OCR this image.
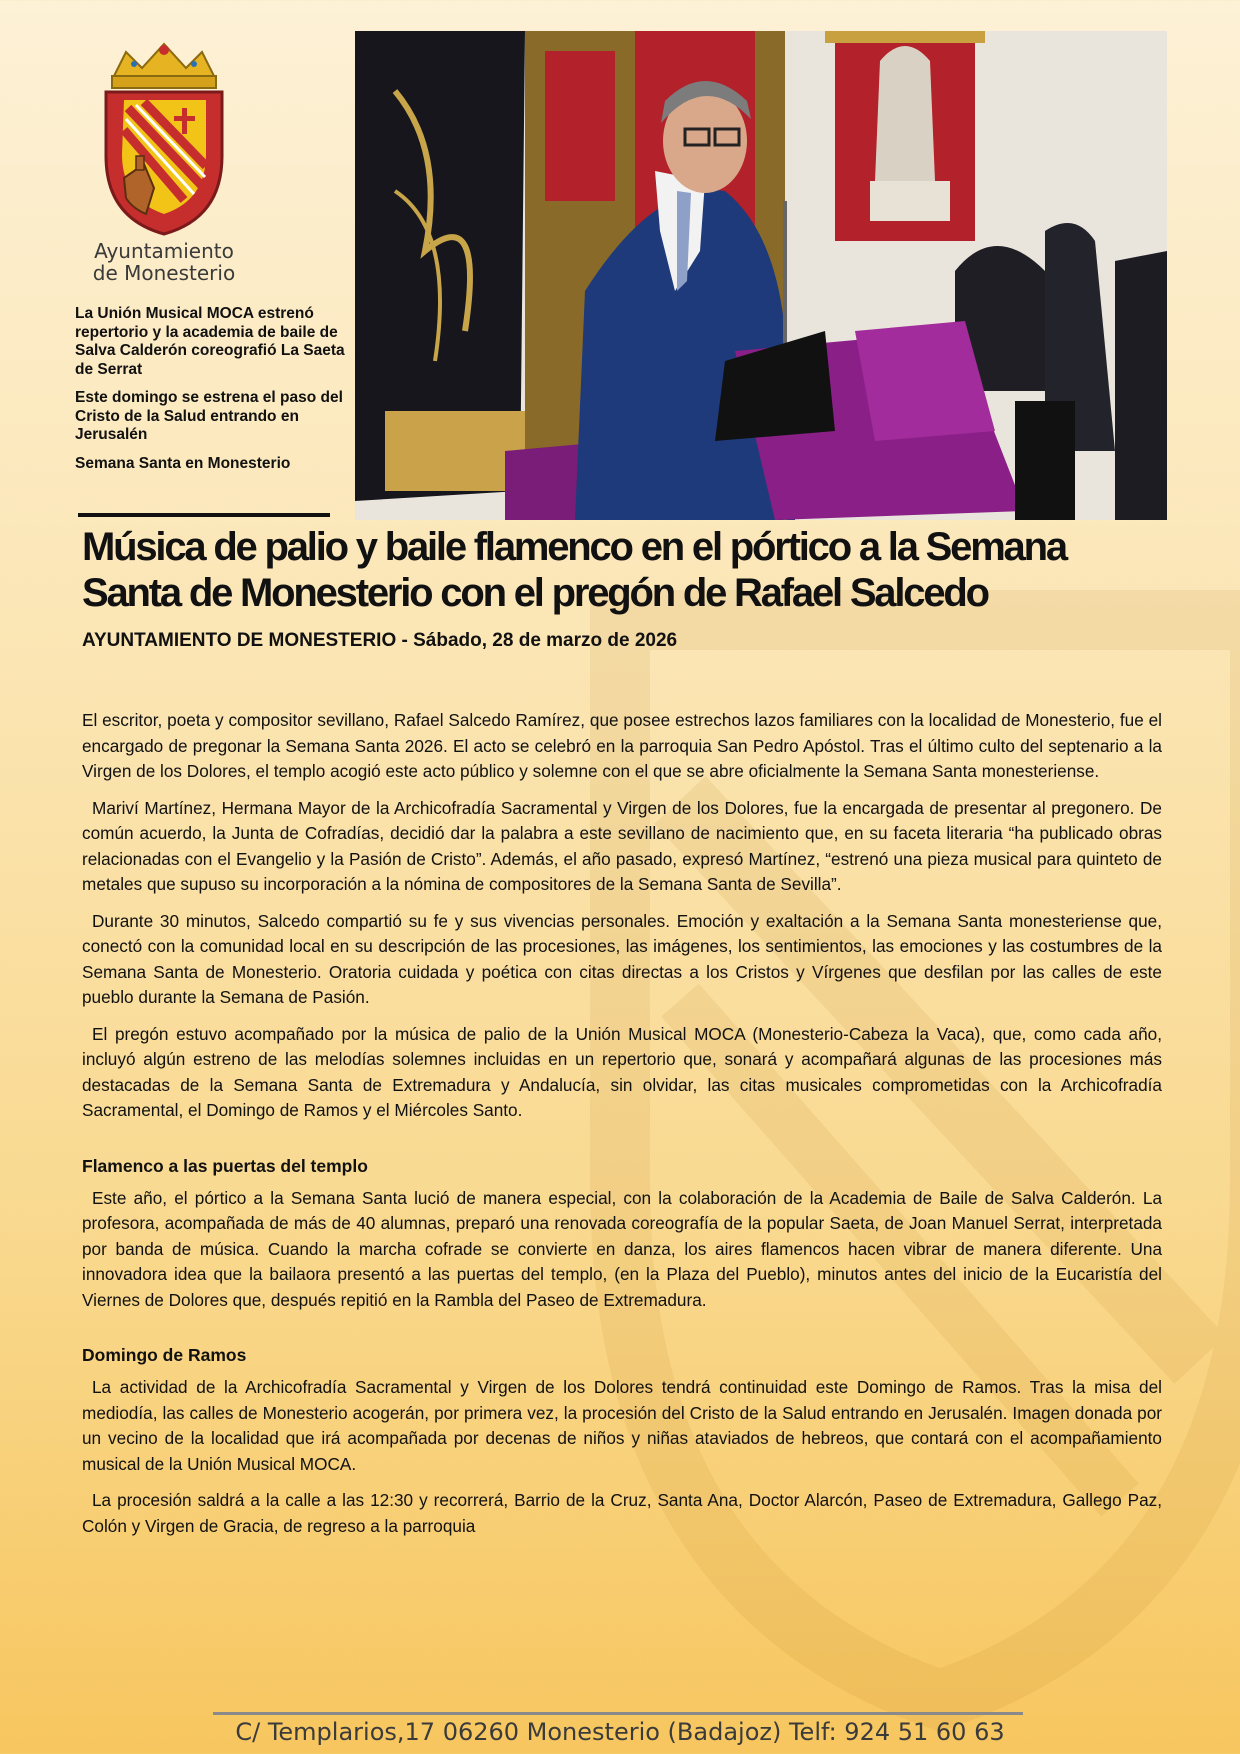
Ayuntamiento
de Monesterio

La Unión Musical MOCA estrenó repertorio y la academia de baile de Salva Calderón coreografió La Saeta de Serrat

Este domingo se estrena el paso del Cristo de la Salud entrando en Jerusalén

Semana Santa en Monesterio

Música de palio y baile flamenco en el pórtico a la Semana Santa de Monesterio con el pregón de Rafael Salcedo

AYUNTAMIENTO DE MONESTERIO - Sábado, 28 de marzo de 2026

El escritor, poeta y compositor sevillano, Rafael Salcedo Ramírez, que posee estrechos lazos familiares con la localidad de Monesterio, fue el encargado de pregonar la Semana Santa 2026. El acto se celebró en la parroquia San Pedro Apóstol. Tras el último culto del septenario a la Virgen de los Dolores, el templo acogió este acto público y solemne con el que se abre oficialmente la Semana Santa monesteriense.

Mariví Martínez, Hermana Mayor de la Archicofradía Sacramental y Virgen de los Dolores, fue la encargada de presentar al pregonero. De común acuerdo, la Junta de Cofradías, decidió dar la palabra a este sevillano de nacimiento que, en su faceta literaria “ha publicado obras relacionadas con el Evangelio y la Pasión de Cristo”. Además, el año pasado, expresó Martínez, “estrenó una pieza musical para quinteto de metales que supuso su incorporación a la nómina de compositores de la Semana Santa de Sevilla”.

Durante 30 minutos, Salcedo compartió su fe y sus vivencias personales. Emoción y exaltación a la Semana Santa monesteriense que, conectó con la comunidad local en su descripción de las procesiones, las imágenes, los sentimientos, las emociones y las costumbres de la Semana Santa de Monesterio. Oratoria cuidada y poética con citas directas a los Cristos y Vírgenes que desfilan por las calles de este pueblo durante la Semana de Pasión.

El pregón estuvo acompañado por la música de palio de la Unión Musical MOCA (Monesterio-Cabeza la Vaca), que, como cada año, incluyó algún estreno de las melodías solemnes incluidas en un repertorio que, sonará y acompañará algunas de las procesiones más destacadas de la Semana Santa de Extremadura y Andalucía, sin olvidar, las citas musicales comprometidas con la Archicofradía Sacramental, el Domingo de Ramos y el Miércoles Santo.

Flamenco a las puertas del templo

Este año, el pórtico a la Semana Santa lució de manera especial, con la colaboración de la Academia de Baile de Salva Calderón. La profesora, acompañada de más de 40 alumnas, preparó una renovada coreografía de la popular Saeta, de Joan Manuel Serrat, interpretada por banda de música. Cuando la marcha cofrade se convierte en danza, los aires flamencos hacen vibrar de manera diferente. Una innovadora idea que la bailaora presentó a las puertas del templo, (en la Plaza del Pueblo), minutos antes del inicio de la Eucaristía del Viernes de Dolores que, después repitió en la Rambla del Paseo de Extremadura.

Domingo de Ramos

La actividad de la Archicofradía Sacramental y Virgen de los Dolores tendrá continuidad este Domingo de Ramos. Tras la misa del mediodía, las calles de Monesterio acogerán, por primera vez, la procesión del Cristo de la Salud entrando en Jerusalén. Imagen donada por un vecino de la localidad que irá acompañada por decenas de niños y niñas ataviados de hebreos, que contará con el acompañamiento musical de la Unión Musical MOCA.

La procesión saldrá a la calle a las 12:30 y recorrerá, Barrio de la Cruz, Santa Ana, Doctor Alarcón, Paseo de Extremadura, Gallego Paz, Colón y Virgen de Gracia, de regreso a la parroquia

C/ Templarios,17 06260 Monesterio (Badajoz) Telf: 924 51 60 63
